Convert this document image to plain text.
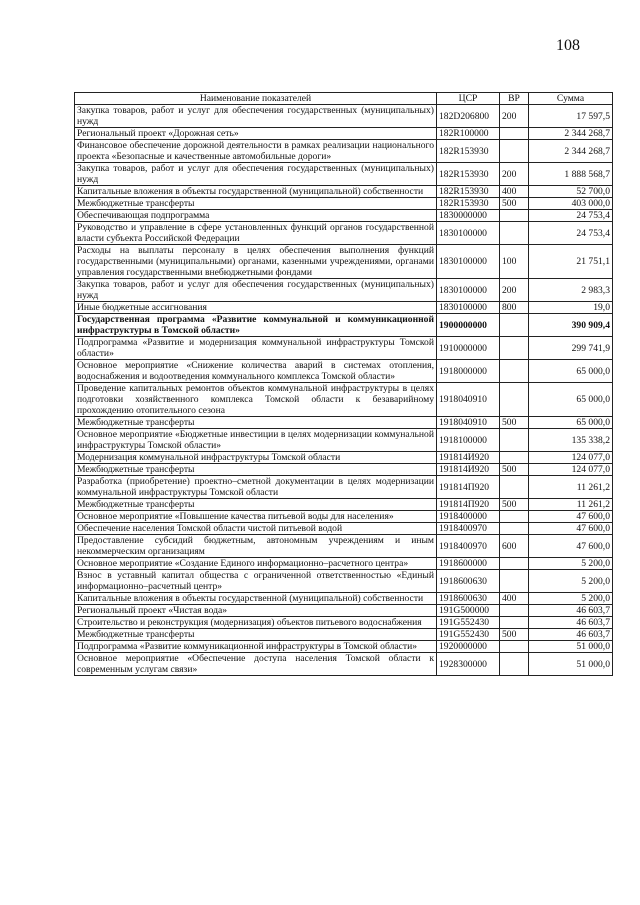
108
Наименование показателей	ЦСР	ВР	Сумма
Закупка товаров, работ и услуг для обеспечения государственных (муниципальных) нужд	182D206800	200	17 597,5
Региональный проект «Дорожная сеть»	182R100000		2 344 268,7
Финансовое обеспечение дорожной деятельности в рамках реализации национального проекта «Безопасные и качественные автомобильные дороги»	182R153930		2 344 268,7
Закупка товаров, работ и услуг для обеспечения государственных (муниципальных) нужд	182R153930	200	1 888 568,7
Капитальные вложения в объекты государственной (муниципальной) собственности	182R153930	400	52 700,0
Межбюджетные трансферты	182R153930	500	403 000,0
Обеспечивающая подпрограмма	1830000000		24 753,4
Руководство и управление в сфере установленных функций органов государственной власти субъекта Российской Федерации	1830100000		24 753,4
Расходы на выплаты персоналу в целях обеспечения выполнения функций государственными (муниципальными) органами, казенными учреждениями, органами управления государственными внебюджетными фондами	1830100000	100	21 751,1
Закупка товаров, работ и услуг для обеспечения государственных (муниципальных) нужд	1830100000	200	2 983,3
Иные бюджетные ассигнования	1830100000	800	19,0
Государственная программа «Развитие коммунальной и коммуникационной инфраструктуры в Томской области»	1900000000		390 909,4
Подпрограмма «Развитие и модернизация коммунальной инфраструктуры Томской области»	1910000000		299 741,9
Основное мероприятие «Снижение количества аварий в системах отопления, водоснабжения и водоотведения коммунального комплекса Томской области»	1918000000		65 000,0
Проведение капитальных ремонтов объектов коммунальной инфраструктуры в целях подготовки хозяйственного комплекса Томской области к безаварийному прохождению отопительного сезона	1918040910		65 000,0
Межбюджетные трансферты	1918040910	500	65 000,0
Основное мероприятие «Бюджетные инвестиции в целях модернизации коммунальной инфраструктуры Томской области»	1918100000		135 338,2
Модернизация коммунальной инфраструктуры Томской области	191814И920		124 077,0
Межбюджетные трансферты	191814И920	500	124 077,0
Разработка (приобретение) проектно–сметной документации в целях модернизации коммунальной инфраструктуры Томской области	191814П920		11 261,2
Межбюджетные трансферты	191814П920	500	11 261,2
Основное мероприятие «Повышение качества питьевой воды для населения»	1918400000		47 600,0
Обеспечение населения Томской области чистой питьевой водой	1918400970		47 600,0
Предоставление субсидий бюджетным, автономным учреждениям и иным некоммерческим организациям	1918400970	600	47 600,0
Основное мероприятие «Создание Единого информационно–расчетного центра»	1918600000		5 200,0
Взнос в уставный капитал общества с ограниченной ответственностью «Единый информационно–расчетный центр»	1918600630		5 200,0
Капитальные вложения в объекты государственной (муниципальной) собственности	1918600630	400	5 200,0
Региональный проект «Чистая вода»	191G500000		46 603,7
Строительство и реконструкция (модернизация) объектов питьевого водоснабжения	191G552430		46 603,7
Межбюджетные трансферты	191G552430	500	46 603,7
Подпрограмма «Развитие коммуникационной инфраструктуры в Томской области»	1920000000		51 000,0
Основное мероприятие «Обеспечение доступа населения Томской области к современным услугам связи»	1928300000		51 000,0
